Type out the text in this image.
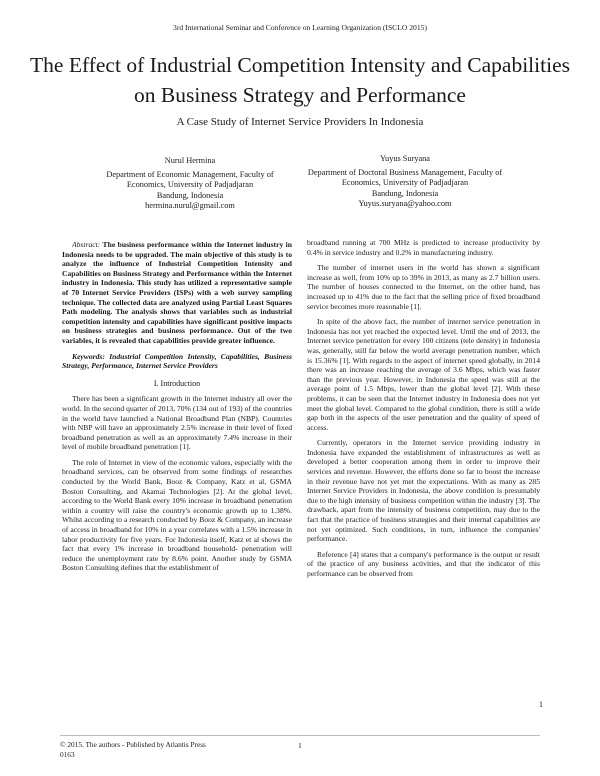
3rd International Seminar and Conference on Learning Organization (ISCLO 2015)
The Effect of Industrial Competition Intensity and Capabilities on Business Strategy and Performance
A Case Study of Internet Service Providers In Indonesia
Nurul Hermina
Department of Economic Management, Faculty of
Economics, University of Padjadjaran
Bandung, Indonesia
hermina.nurul@gmail.com
Yuyus Suryana
Department of Doctoral Business Management, Faculty of
Economics, University of Padjadjaran
Bandung, Indonesia
Yuyus.suryana@yahoo.com

Abstract: The business performance within the Internet industry in Indonesia needs to be upgraded. The main objective of this study is to analyze the influence of Industrial Competition Intensity and Capabilities on Business Strategy and Performance within the Internet industry in Indonesia. This study has utilized a representative sample of 70 Internet Service Providers (ISPs) with a web survey sampling technique. The collected data are analyzed using Partial Least Squares Path modeling. The analysis shows that variables such as industrial competition intensity and capabilities have significant positive impacts on business strategies and business performance. Out of the two variables, it is revealed that capabilities provide greater influence.

Keywords: Industrial Competition Intensity, Capabilities, Business Strategy, Performance, Internet Service Providers

I. Introduction

There has been a significant growth in the Internet industry all over the world. In the second quarter of 2013, 70% (134 out of 193) of the countries in the world have launched a National Broadband Plan (NBP). Countries with NBP will have an approximately 2.5% increase in their level of fixed broadband penetration as well as an approximately 7.4% increase in their level of mobile broadband penetration [1].

The role of Internet in view of the economic values, especially with the broadband services, can be observed from some findings of researches conducted by the World Bank, Booz & Company, Katz et al, GSMA Boston Consulting, and Akamai Technologies [2]. At the global level, according to the World Bank every 10% increase in broadband penetration within a country will raise the country's economic growth up to 1.38%. Whilst according to a research conducted by Booz & Company, an increase of access in broadband for 10% in a year correlates with a 1.5% increase in labor productivity for five years. For Indonesia itself, Katz et al shows the fact that every 1% increase in broadband household- penetration will reduce the unemployment rate by 8.6% point. Another study by GSMA Boston Consulting defines that the establishment of

broadband running at 700 MHz is predicted to increase productivity by 0.4% in service industry and 0.2% in manufacturing industry.

The number of internet users in the world has shown a significant increase as well, from 10% up to 39% in 2013, as many as 2.7 billion users. The number of houses connected to the Internet, on the other hand, has increased up to 41% due to the fact that the selling price of fixed broadband service becomes more reasonable [1].

In spite of the above fact, the number of internet service penetration in Indonesia has not yet reached the expected level. Until the end of 2013, the Internet service penetration for every 100 citizens (tele density) in Indonesia was, generally, still far below the world average penetration number, which is 15.36% [1]. With regards to the aspect of internet speed globally, in 2014 there was an increase reaching the average of 3.6 Mbps, which was faster than the previous year. However, in Indonesia the speed was still at the average point of 1.5 Mbps, lower than the global level [2]. With these problems, it can be seen that the Internet industry in Indonesia does not yet meet the global level. Compared to the global condition, there is still a wide gap both in the aspects of the user penetration and the quality of speed of access.

Currently, operators in the Internet service providing industry in Indonesia have expanded the establishment of infrastructures as well as developed a better cooperation among them in order to improve their services and revenue. However, the efforts done so far to boost the increase in their revenue have not yet met the expectations. With as many as 285 Internet Service Providers in Indonesia, the above condition is presumably due to the high intensity of business competition within the industry [3]. The drawback, apart from the intensity of business competition, may due to the fact that the practice of business strategies and their internal capabilities are not yet optimized. Such conditions, in turn, influence the companies' performance.

Reference [4] states that a company's performance is the output or result of the practice of any business activities, and that the indicator of this performance can be observed from

1
© 2015. The authors - Published by Atlantis Press
0163
1
